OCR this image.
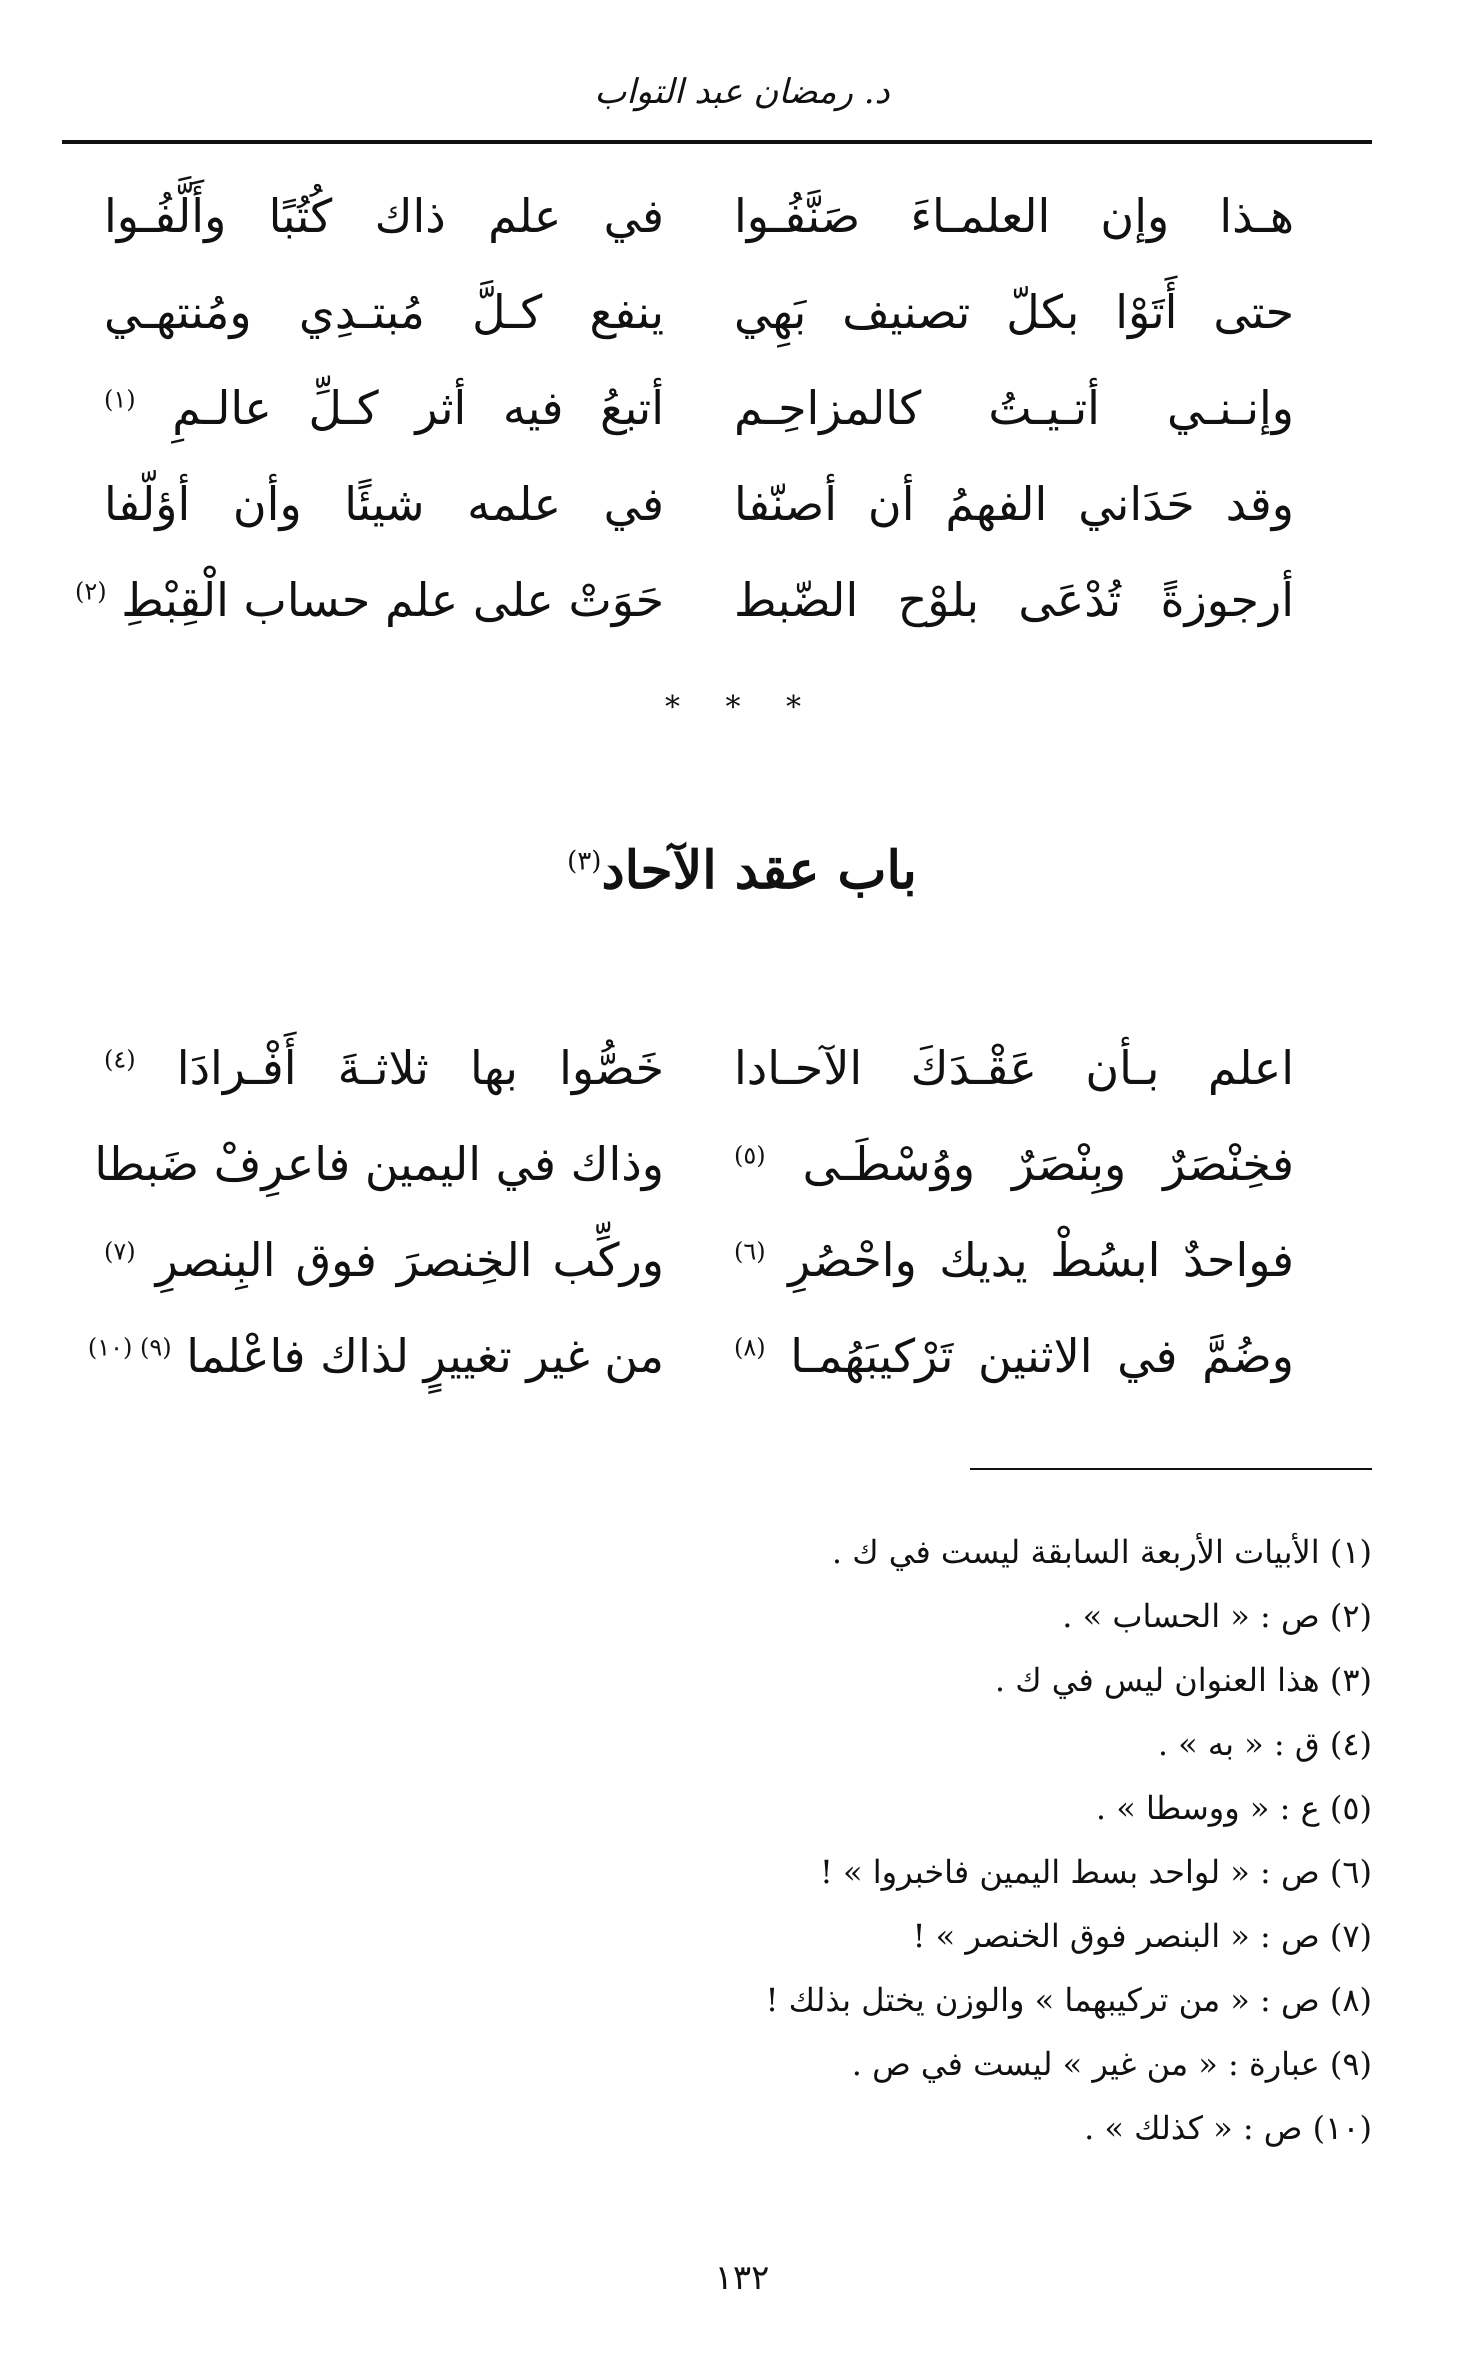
د. رمضان عبد التواب
هـذا وإن العلمـاءَ صَنَّفُـوا
في علم ذاك كُتُبًا وأَلَّفُـوا
حتى أَتَوْا بكلّ تصنيف بَهِي
ينفع كـلَّ مُبتـدِي ومُنتهـي
وإنـنـي أتـيـتُ كالمزاحِـم
أتبعُ فيه أثر كـلِّ عالـمِ $^{(١)}$
وقد حَدَاني الفهمُ أن أصنّفا
في علمه شيئًا وأن أؤلّفا
أرجوزةً تُدْعَى بلوْح الضّبط
حَوَتْ على علم حساب الْقِبْطِ $^{(٢)}$
* * *
باب عقد الآحاد$^{(٣)}$
اعلم بـأن عَقْـدَكَ الآحـادا
خَصُّوا بها ثلاثـةَ أَفْـرادَا $^{(٤)}$
فخِنْصَرٌ وبِنْصَرٌ ووُسْطَـى $^{(٥)}$
وذاك في اليمين فاعرِفْ ضَبطا
فواحدٌ ابسُطْ يديك واحْصُرِ $^{(٦)}$
وركِّب الخِنصرَ فوق البِنصرِ $^{(٧)}$
وضُمَّ في الاثنين تَرْكيبَهُمـا $^{(٨)}$
من غير تغييرٍ لذاك فاعْلما $^{(٩) (١٠)}$
(١) الأبيات الأربعة السابقة ليست في ك .
(٢) ص : « الحساب » .
(٣) هذا العنوان ليس في ك .
(٤) ق : « به » .
(٥) ع : « ووسطا » .
(٦) ص : « لواحد بسط اليمين فاخبروا » !
(٧) ص : « البنصر فوق الخنصر » !
(٨) ص : « من تركيبهما » والوزن يختل بذلك !
(٩) عبارة : « من غير » ليست في ص .
(١٠) ص : « كذلك » .
١٣٢
